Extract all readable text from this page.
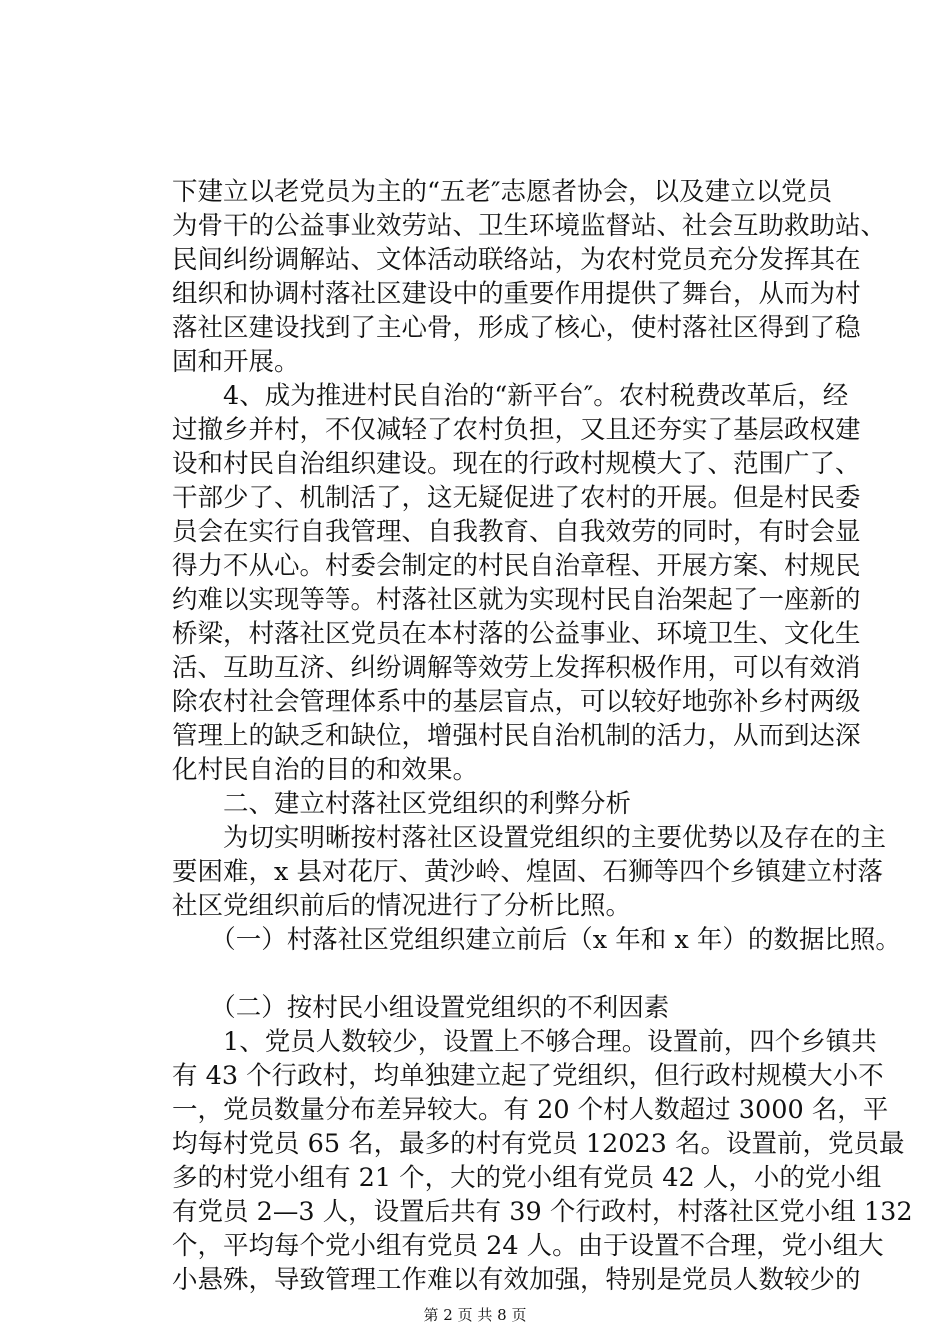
下建立以老党员为主的“五老″志愿者协会，以及建立以党员
为骨干的公益事业效劳站、卫生环境监督站、社会互助救助站、
民间纠纷调解站、文体活动联络站，为农村党员充分发挥其在
组织和协调村落社区建设中的重要作用提供了舞台，从而为村
落社区建设找到了主心骨，形成了核心，使村落社区得到了稳
固和开展。
　　4、成为推进村民自治的“新平台″。农村税费改革后，经
过撤乡并村，不仅减轻了农村负担，又且还夯实了基层政权建
设和村民自治组织建设。现在的行政村规模大了、范围广了、
干部少了、机制活了，这无疑促进了农村的开展。但是村民委
员会在实行自我管理、自我教育、自我效劳的同时，有时会显
得力不从心。村委会制定的村民自治章程、开展方案、村规民
约难以实现等等。村落社区就为实现村民自治架起了一座新的
桥梁，村落社区党员在本村落的公益事业、环境卫生、文化生
活、互助互济、纠纷调解等效劳上发挥积极作用，可以有效消
除农村社会管理体系中的基层盲点，可以较好地弥补乡村两级
管理上的缺乏和缺位，增强村民自治机制的活力，从而到达深
化村民自治的目的和效果。
　　二、建立村落社区党组织的利弊分析
　　为切实明晰按村落社区设置党组织的主要优势以及存在的主
要困难，x 县对花厅、黄沙岭、煌固、石狮等四个乡镇建立村落
社区党组织前后的情况进行了分析比照。
　　（一）村落社区党组织建立前后（x 年和 x 年）的数据比照。
　　（二）按村民小组设置党组织的不利因素
　　1、党员人数较少，设置上不够合理。设置前，四个乡镇共
有 43 个行政村，均单独建立起了党组织，但行政村规模大小不
一，党员数量分布差异较大。有 20 个村人数超过 3000 名，平
均每村党员 65 名，最多的村有党员 12023 名。设置前，党员最
多的村党小组有 21 个，大的党小组有党员 42 人，小的党小组
有党员 2—3 人，设置后共有 39 个行政村，村落社区党小组 132
个，平均每个党小组有党员 24 人。由于设置不合理，党小组大
小悬殊，导致管理工作难以有效加强，特别是党员人数较少的
第 2 页 共 8 页
